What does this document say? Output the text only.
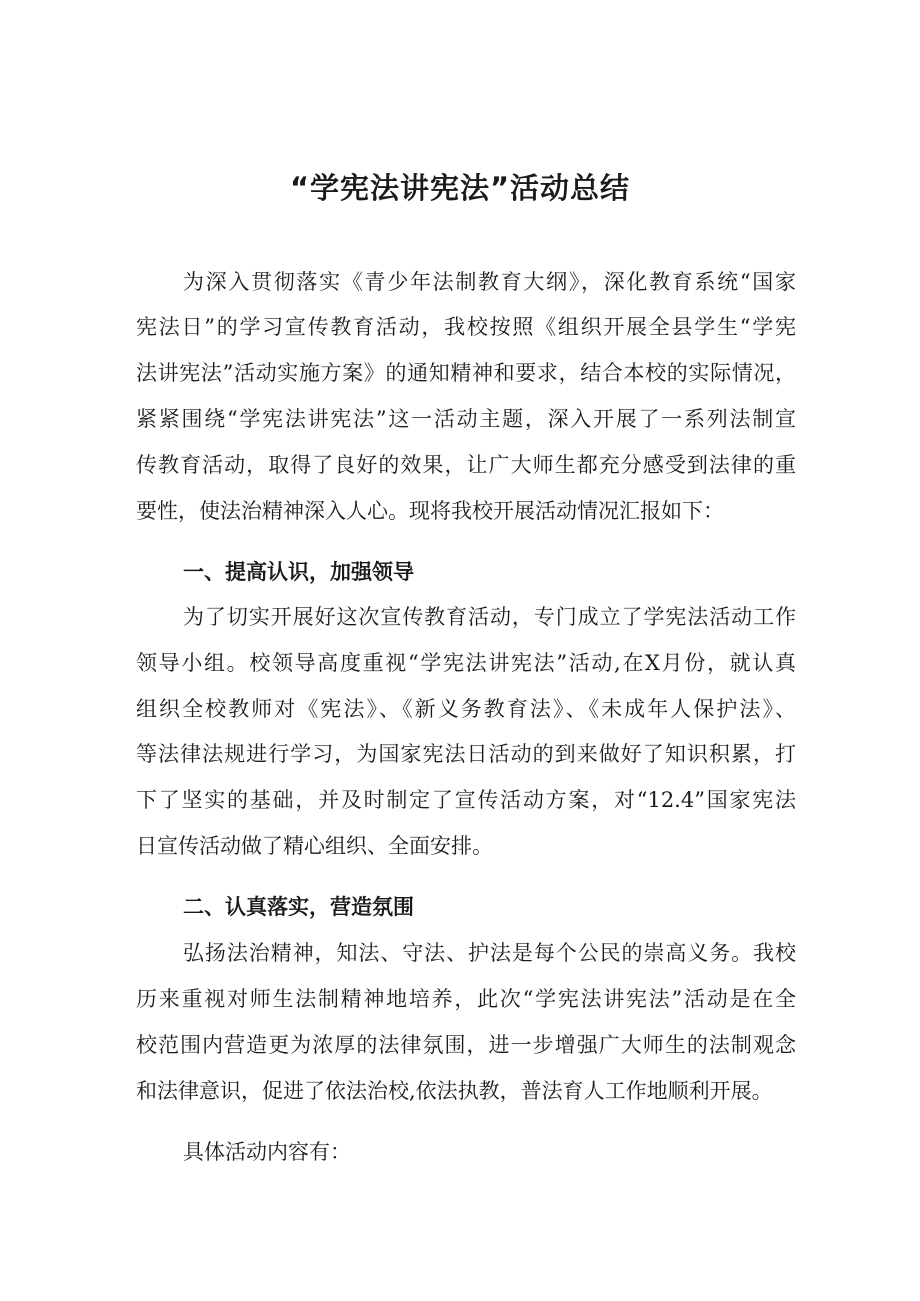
“学宪法讲宪法”活动总结

为深入贯彻落实《青少年法制教育大纲》，深化教育系统“国家

宪法日”的学习宣传教育活动，我校按照《组织开展全县学生“学宪

法讲宪法”活动实施方案》的通知精神和要求，结合本校的实际情况，

紧紧围绕“学宪法讲宪法”这一活动主题，深入开展了一系列法制宣

传教育活动，取得了良好的效果，让广大师生都充分感受到法律的重

要性，使法治精神深入人心。现将我校开展活动情况汇报如下：

一、提高认识，加强领导

为了切实开展好这次宣传教育活动，专门成立了学宪法活动工作

领导小组。校领导高度重视“学宪法讲宪法”活动,在X月份，就认真

组织全校教师对《宪法》、《新义务教育法》、《未成年人保护法》、

等法律法规进行学习，为国家宪法日活动的到来做好了知识积累，打

下了坚实的基础，并及时制定了宣传活动方案，对“12.4”国家宪法

日宣传活动做了精心组织、全面安排。

二、认真落实，营造氛围

弘扬法治精神，知法、守法、护法是每个公民的崇高义务。我校

历来重视对师生法制精神地培养，此次“学宪法讲宪法”活动是在全

校范围内营造更为浓厚的法律氛围，进一步增强广大师生的法制观念

和法律意识，促进了依法治校,依法执教，普法育人工作地顺利开展。

具体活动内容有：
